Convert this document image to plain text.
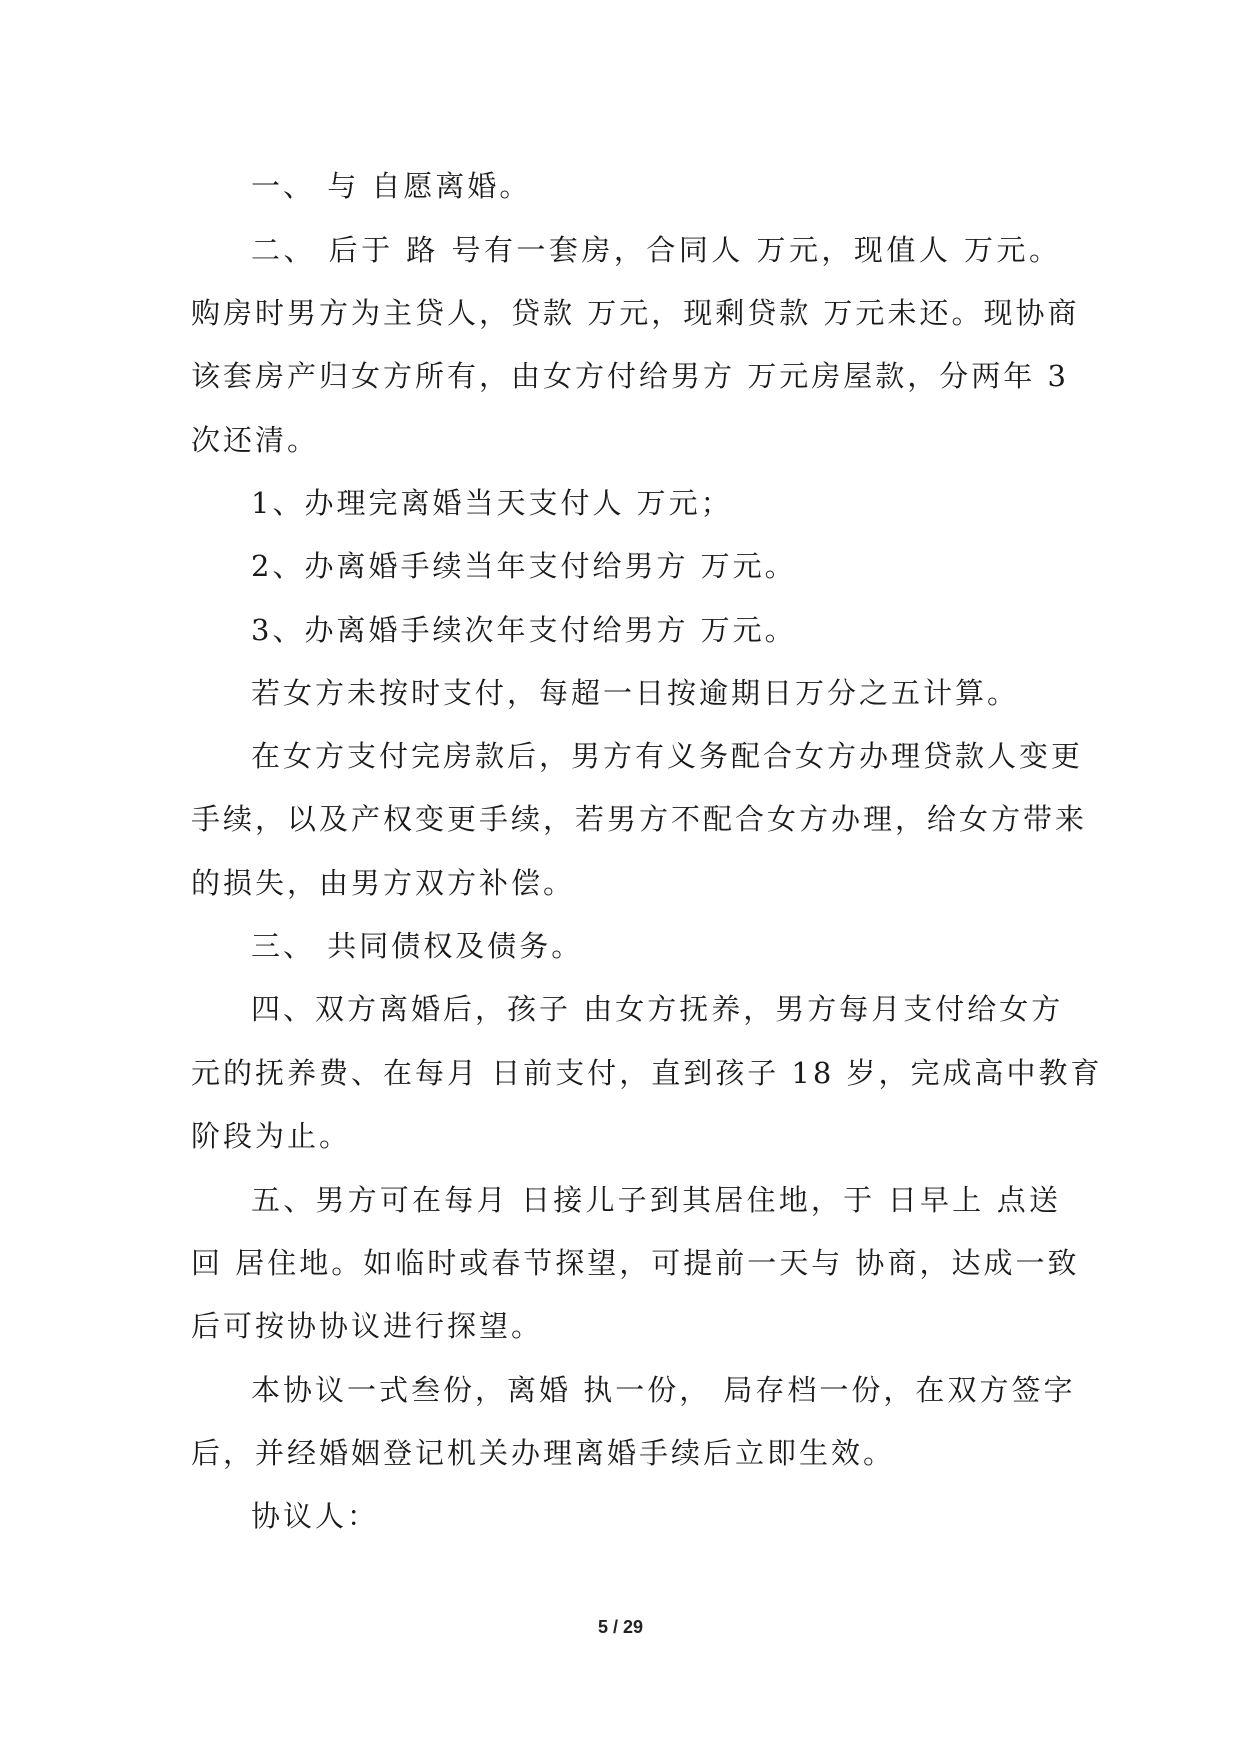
一、 与 自愿离婚。
二、 后于 路 号有一套房，合同人 万元，现值人 万元。
购房时男方为主贷人，贷款 万元，现剩贷款 万元未还。现协商
该套房产归女方所有，由女方付给男方 万元房屋款，分两年 3
次还清。
1、办理完离婚当天支付人 万元；
2、办离婚手续当年支付给男方 万元。
3、办离婚手续次年支付给男方 万元。
若女方未按时支付，每超一日按逾期日万分之五计算。
在女方支付完房款后，男方有义务配合女方办理贷款人变更
手续，以及产权变更手续，若男方不配合女方办理，给女方带来
的损失，由男方双方补偿。
三、 共同债权及债务。
四、双方离婚后，孩子 由女方抚养，男方每月支付给女方
元的抚养费、在每月 日前支付，直到孩子 18 岁，完成高中教育
阶段为止。
五、男方可在每月 日接儿子到其居住地，于 日早上 点送
回 居住地。如临时或春节探望，可提前一天与 协商，达成一致
后可按协协议进行探望。
本协议一式叁份，离婚 执一份， 局存档一份，在双方签字
后，并经婚姻登记机关办理离婚手续后立即生效。
协议人：
5 / 29
